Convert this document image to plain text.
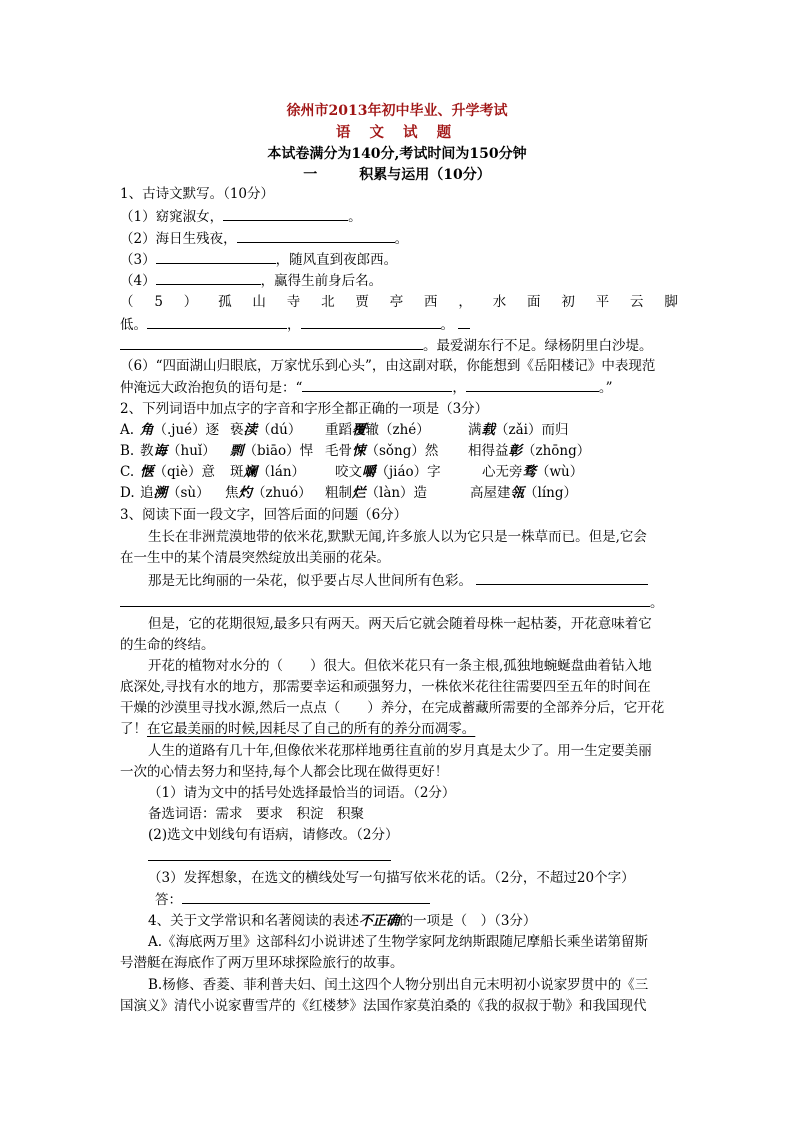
徐州市2013年初中毕业、升学考试
语 文 试 题
本试卷满分为140分,考试时间为150分钟
一	积累与运用（10分）
1、古诗文默写。（10分）
（1）窈窕淑女，	。
（2）海日生残夜，	。
（3）	，随风直到夜郎西。
（4）	，赢得生前身后名。
（ 5 ） 孤 山 寺 北 贾 亭 西 ， 水 面 初 平 云 脚
低。	，	。
。最爱湖东行不足。绿杨阴里白沙堤。
（6）“四面湖山归眼底，万家忧乐到心头”，由这副对联，你能想到《岳阳楼记》中表现范
仲淹远大政治抱负的语句是：“	，	。”
2、下列词语中加点字的字音和字形全都正确的一项是（3分）
A. 角（.jué）逐 亵渎（dú） 重蹈覆辙（zhé）	满载（zǎi）而归
B. 教诲（huǐ） 剽（biāo）悍 毛骨悚（sǒng）然 相得益彰（zhōng）
C. 惬（qiè）意 斑斓（lán） 咬文嚼（jiáo）字	心无旁骛（wù）
D. 追溯（sù） 焦灼（zhuó） 粗制烂（làn）造	高屋建瓴（líng）
3、阅读下面一段文字，回答后面的问题（6分）
生长在非洲荒漠地带的依米花,默默无闻,许多旅人以为它只是一株草而已。但是,它会
在一生中的某个清晨突然绽放出美丽的花朵。
那是无比绚丽的一朵花，似乎要占尽人世间所有色彩。
。
但是，它的花期很短,最多只有两天。两天后它就会随着母株一起枯萎，开花意味着它
的生命的终结。
开花的植物对水分的（　　）很大。但依米花只有一条主根,孤独地蜿蜒盘曲着钻入地
底深处,寻找有水的地方，那需要幸运和顽强努力，一株依米花往往需要四至五年的时间在
干燥的沙漠里寻找水源,然后一点点（　　）养分，在完成蓄藏所需要的全部养分后，它开花
了！在它最美丽的时候,因耗尽了自己的所有的养分而凋零。
人生的道路有几十年,但像依米花那样地勇往直前的岁月真是太少了。用一生定要美丽
一次的心情去努力和坚持,每个人都会比现在做得更好！
（1）请为文中的括号处选择最恰当的词语。（2分）
备选词语：需求　要求　积淀　积聚
(2)选文中划线句有语病，请修改。（2分）
（3）发挥想象，在选文的横线处写一句描写依米花的话。（2分，不超过20个字）
答：
4、关于文学常识和名著阅读的表述不正确的一项是（　）（3分）
A.《海底两万里》这部科幻小说讲述了生物学家阿龙纳斯跟随尼摩船长乘坐诺第留斯
号潜艇在海底作了两万里环球探险旅行的故事。
B.杨修、香菱、菲利普夫妇、闰土这四个人物分别出自元末明初小说家罗贯中的《三
国演义》清代小说家曹雪芹的《红楼梦》法国作家莫泊桑的《我的叔叔于勒》和我国现代
